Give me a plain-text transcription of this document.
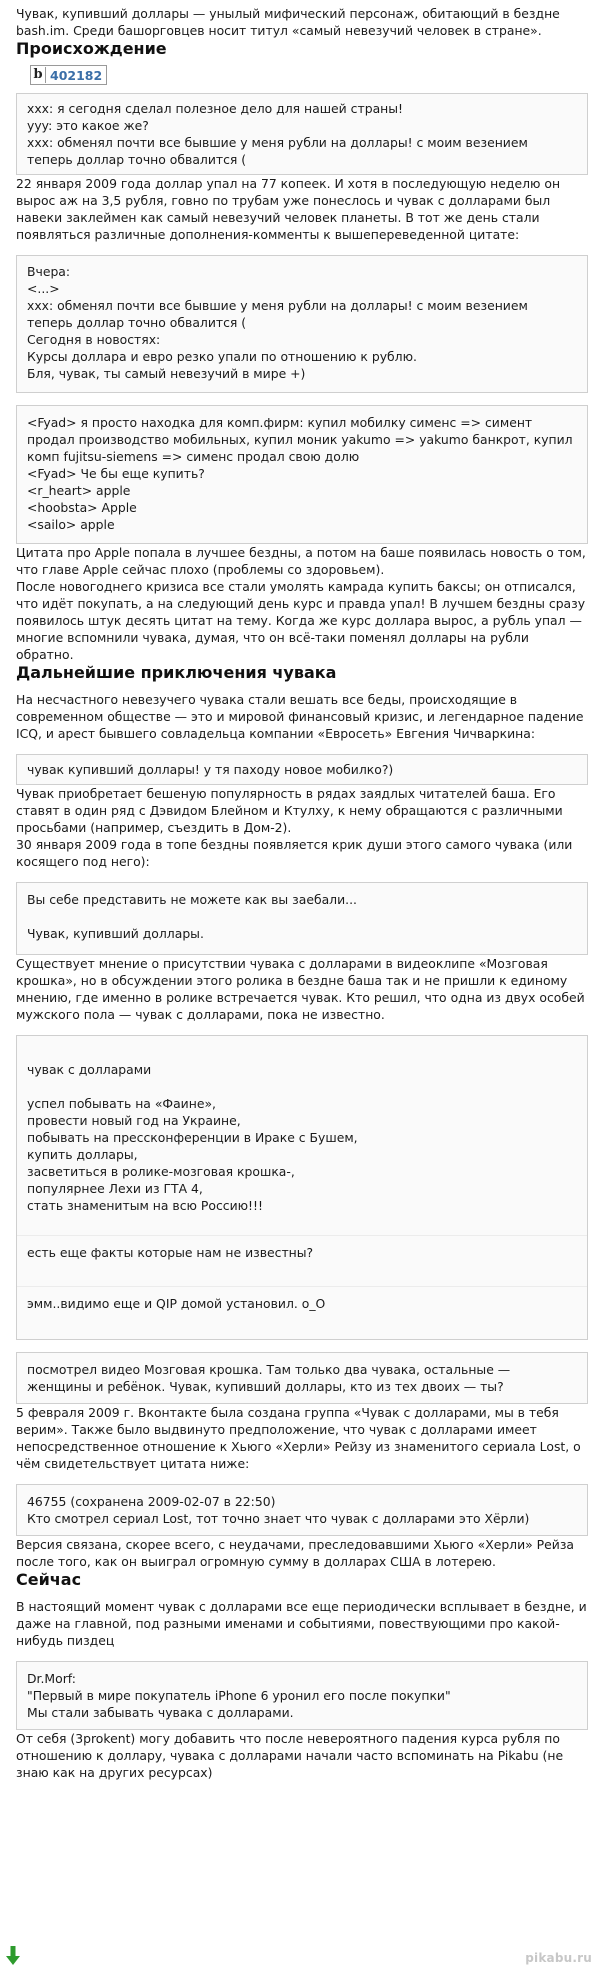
Чувак, купивший доллары — унылый мифический персонаж, обитающий в бездне bash.im. Среди башорговцев носит титул «самый невезучий человек в стране».

Происхождение
b 402182
xxx: я сегодня сделал полезное дело для нашей страны!
yyy: это какое же?
xxx: обменял почти все бывшие у меня рубли на доллары! с моим везением теперь доллар точно обвалится (

22 января 2009 года доллар упал на 77 копеек. И хотя в последующую неделю он вырос аж на 3,5 рубля, говно по трубам уже понеслось и чувак с долларами был навеки заклеймен как самый невезучий человек планеты. В тот же день стали появляться различные дополнения-комменты к вышепереведенной цитате:

Вчера:
<...>
xxx: обменял почти все бывшие у меня рубли на доллары! с моим везением теперь доллар точно обвалится (
Сегодня в новостях:
Курсы доллара и евро резко упали по отношению к рублю.
Бля, чувак, ты самый невезучий в мире +)
<Fyad> я просто находка для комп.фирм: купил мобилку сименс => симент продал производство мобильных, купил моник yakumo => yakumo банкрот, купил комп fujitsu-siemens => сименс продал свою долю
<Fyad> Че бы еще купить?
<r_heart> apple
<hoobsta> Apple
<sailo> apple

Цитата про Apple попала в лучшее бездны, а потом на баше появилась новость о том, что главе Apple сейчас плохо (проблемы со здоровьем).
После новогоднего кризиса все стали умолять камрада купить баксы; он отписался, что идёт покупать, а на следующий день курс и правда упал! В лучшем бездны сразу появилось штук десять цитат на тему. Когда же курс доллара вырос, а рубль упал — многие вспомнили чувака, думая, что он всё-таки поменял доллары на рубли обратно.

Дальнейшие приключения чувака

На несчастного невезучего чувака стали вешать все беды, происходящие в современном обществе — это и мировой финансовый кризис, и легендарное падение ICQ, и арест бывшего совладельца компании «Евросеть» Евгения Чичваркина:

чувак купивший доллары! у тя паходу новое мобилко?)

Чувак приобретает бешеную популярность в рядах заядлых читателей баша. Его ставят в один ряд с Дэвидом Блейном и Ктулху, к нему обращаются с различными просьбами (например, съездить в Дом-2).
30 января 2009 года в топе бездны появляется крик души этого самого чувака (или косящего под него):

Вы себе представить не можете как вы заебали...

Чувак, купивший доллары.

Существует мнение о присутствии чувака с долларами в видеоклипе «Мозговая крошка», но в обсуждении этого ролика в бездне баша так и не пришли к единому мнению, где именно в ролике встречается чувак. Кто решил, что одна из двух особей мужского пола — чувак с долларами, пока не известно.

чувак с долларами

успел побывать на «Фаине»,
провести новый год на Украине,
побывать на прессконференции в Ираке с Бушем,
купить доллары,
засветиться в ролике-мозговая крошка-,
популярнее Лехи из ГТА 4,
стать знаменитым на всю Россию!!!

есть еще факты которые нам не известны?

эмм..видимо еще и QIP домой установил. о_О

посмотрел видео Мозговая крошка. Там только два чувака, остальные — женщины и ребёнок. Чувак, купивший доллары, кто из тех двоих — ты?

5 февраля 2009 г. Вконтакте была создана группа «Чувак с долларами, мы в тебя верим». Также было выдвинуто предположение, что чувак с долларами имеет непосредственное отношение к Хьюго «Херли» Рейзу из знаменитого сериала Lost, о чём свидетельствует цитата ниже:

46755 (сохранена 2009-02-07 в 22:50)
Кто смотрел сериал Lost, тот точно знает что чувак с долларами это Хёрли)

Версия связана, скорее всего, с неудачами, преследовавшими Хьюго «Херли» Рейза после того, как он выиграл огромную сумму в долларах США в лотерею.

Сейчас

В настоящий момент чувак с долларами все еще периодически всплывает в бездне, и даже на главной, под разными именами и событиями, повествующими про какой-нибудь пиздец

Dr.Morf:
"Первый в мире покупатель iPhone 6 уронил его после покупки"
Мы стали забывать чувака с долларами.

От себя (3prokent) могу добавить что после невероятного падения курса рубля по отношению к доллару, чувака с долларами начали часто вспоминать на Pikabu (не знаю как на других ресурсах)

pikabu.ru
